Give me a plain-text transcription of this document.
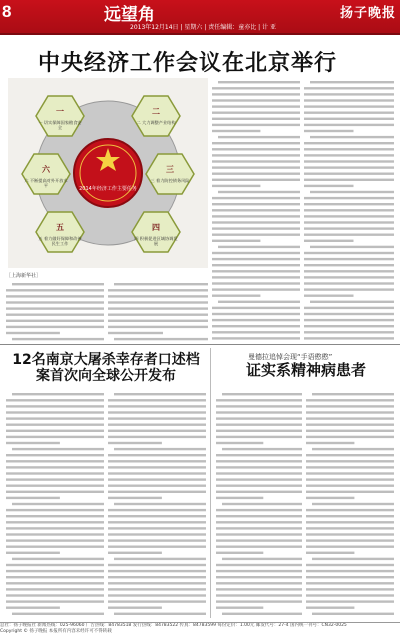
8	远望角	扬子晚报
2013年12月14日 | 星期六 | 责任编辑：童亦比 | 计 亚
中央经济工作会议在北京举行
一	二
三
四
五
六
2014年经济工作主要任务
一 切实保障国家粮食安全
二 大力调整产业结构
三 着力防控债务风险
四 积极促进区域协调发展
五 着力做好保障和改善民生工作
六 不断提高对外开放水平
［上海新华社］
12名南京大屠杀幸存者口述档案首次向全球公开发布
曼德拉追悼会现“手语憨憨”
证实系精神病患者
总社：扬子晚报社 新闻热线：025-96060 广告热线：84783518 发行热线：84783522 传真：84783599 每份定价：1.00元 邮发代号：27-4 国内统一刊号：CN32-0025
Copyright © 扬子晚报 本报所有内容未经许可不得转载
